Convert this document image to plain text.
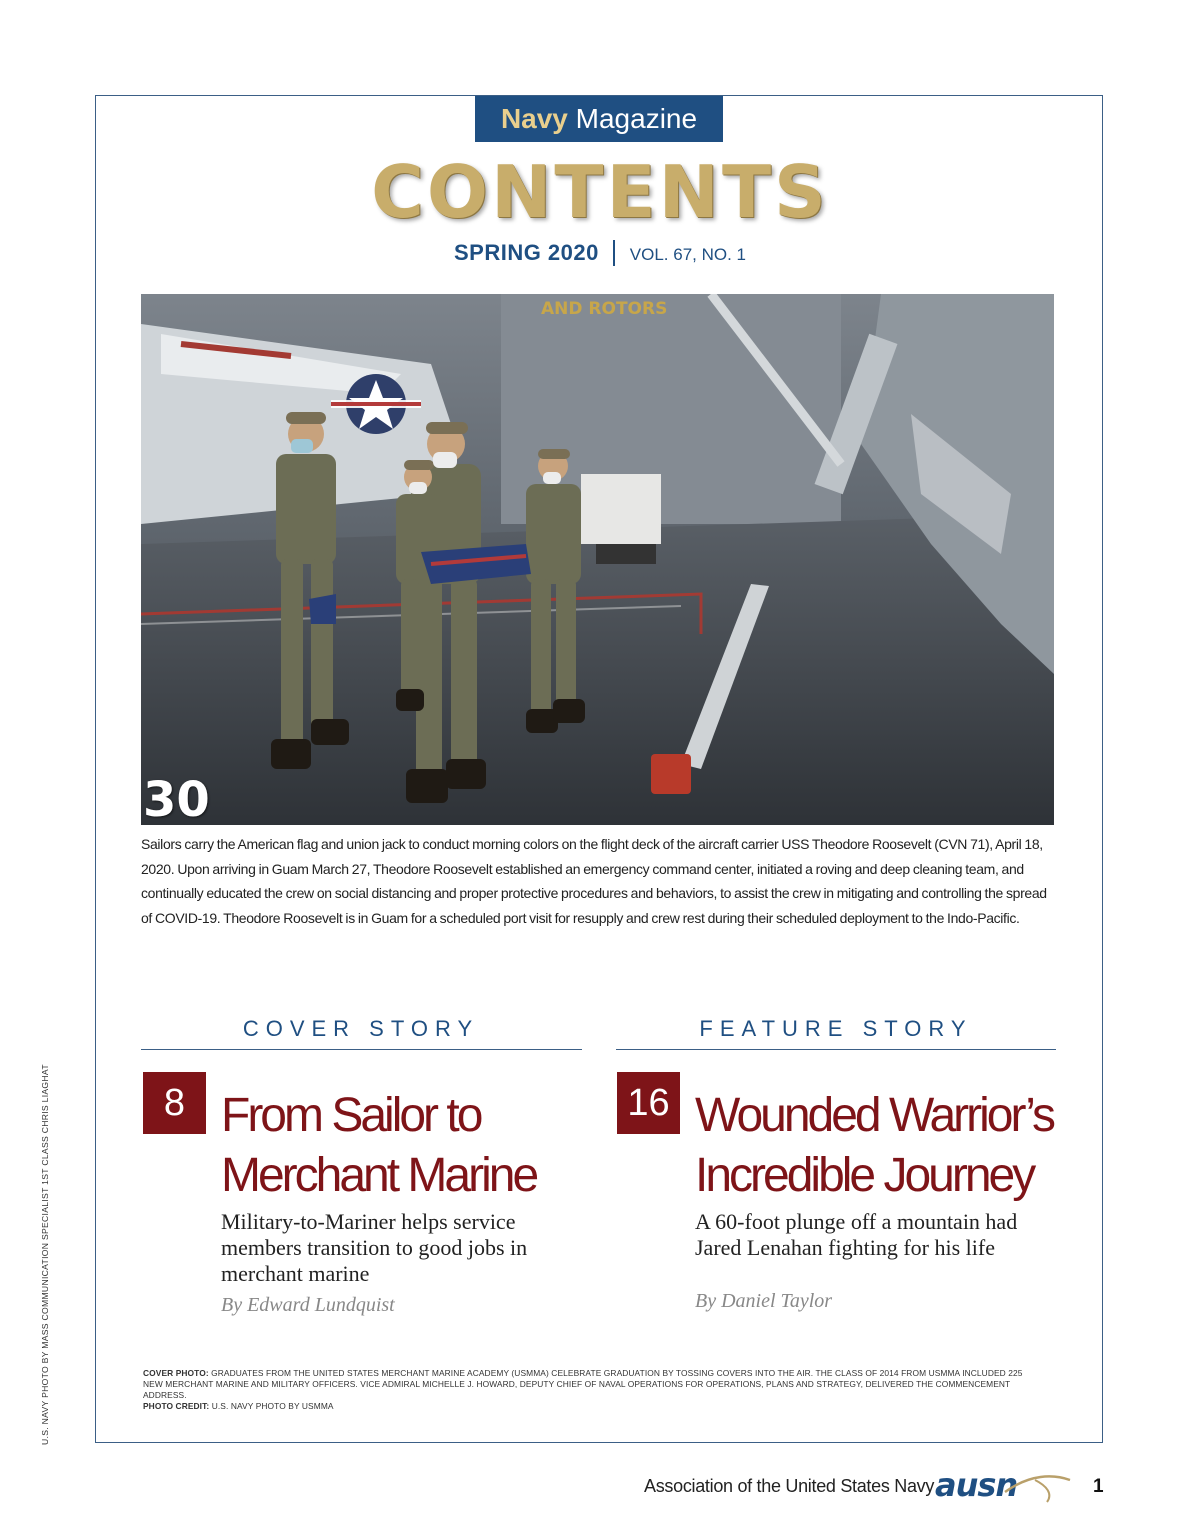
Navy Magazine
CONTENTS
SPRING 2020 VOL. 67, NO. 1
AND ROTORS
30
Sailors carry the American flag and union jack to conduct morning colors on the flight deck of the aircraft carrier USS Theodore Roosevelt (CVN 71), April 18, 2020. Upon arriving in Guam March 27, Theodore Roosevelt established an emergency command center, initiated a roving and deep cleaning team, and continually educated the crew on social distancing and proper protective procedures and behaviors, to assist the crew in mitigating and controlling the spread of COVID-19. Theodore Roosevelt is in Guam for a scheduled port visit for resupply and crew rest during their scheduled deployment to the Indo-Pacific.
COVER STORY
8 From Sailor to
Merchant Marine
Military-to-Mariner helps service members transition to good jobs in merchant marine
By Edward Lundquist
FEATURE STORY
16 Wounded Warrior’s
Incredible Journey
A 60-foot plunge off a mountain had Jared Lenahan fighting for his life
By Daniel Taylor
COVER PHOTO: GRADUATES FROM THE UNITED STATES MERCHANT MARINE ACADEMY (USMMA) CELEBRATE GRADUATION BY TOSSING COVERS INTO THE AIR. THE CLASS OF 2014 FROM USMMA INCLUDED 225 NEW MERCHANT MARINE AND MILITARY OFFICERS. VICE ADMIRAL MICHELLE J. HOWARD, DEPUTY CHIEF OF NAVAL OPERATIONS FOR OPERATIONS, PLANS AND STRATEGY, DELIVERED THE COMMENCEMENT ADDRESS.
PHOTO CREDIT: U.S. NAVY PHOTO BY USMMA
U.S. NAVY PHOTO BY MASS COMMUNICATION SPECIALIST 1ST CLASS CHRIS LIAGHAT
Association of the United States Navy ausn	1
